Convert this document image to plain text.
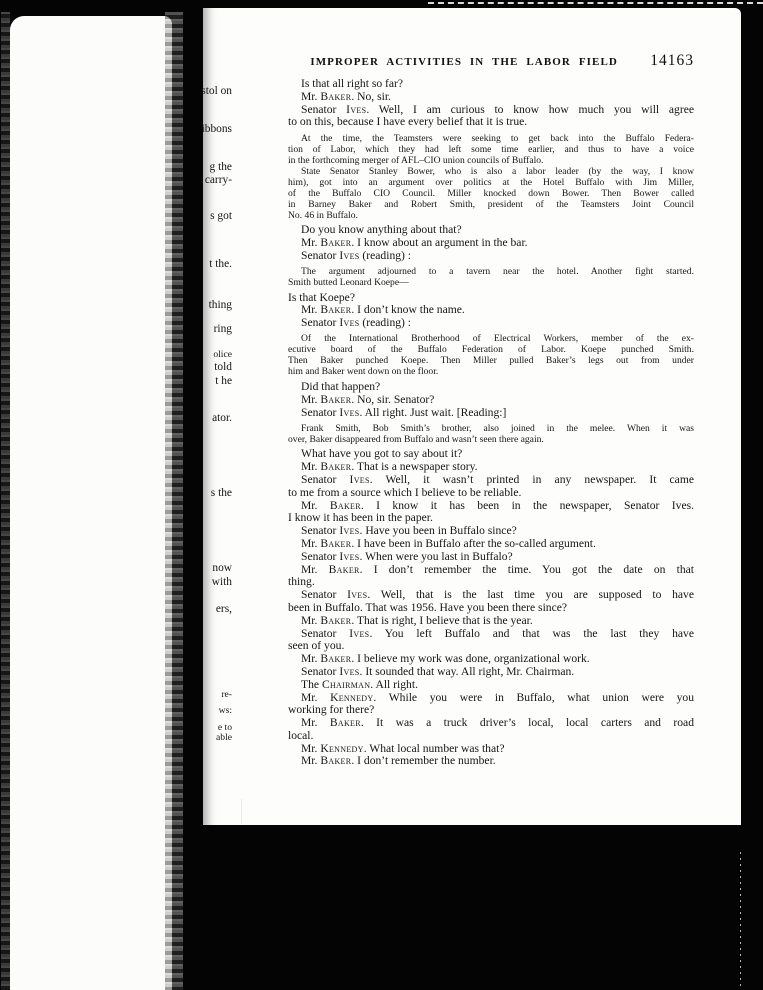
IMPROPER ACTIVITIES IN THE LABOR FIELD	14163
Is that all right so far?
Mr. Baker. No, sir.
Senator Ives. Well, I am curious to know how much you will agree
to on this, because I have every belief that it is true.
At the time, the Teamsters were seeking to get back into the Buffalo Federa-
tion of Labor, which they had left some time earlier, and thus to have a voice
in the forthcoming merger of AFL–CIO union councils of Buffalo.
State Senator Stanley Bower, who is also a labor leader (by the way, I know
him), got into an argument over politics at the Hotel Buffalo with Jim Miller,
of the Buffalo CIO Council. Miller knocked down Bower. Then Bower called
in Barney Baker and Robert Smith, president of the Teamsters Joint Council
No. 46 in Buffalo.
Do you know anything about that?
Mr. Baker. I know about an argument in the bar.
Senator Ives (reading) :
The argument adjourned to a tavern near the hotel. Another fight started.
Smith butted Leonard Koepe—
Is that Koepe?
Mr. Baker. I don’t know the name.
Senator Ives (reading) :
Of the International Brotherhood of Electrical Workers, member of the ex-
ecutive board of the Buffalo Federation of Labor. Koepe punched Smith.
Then Baker punched Koepe. Then Miller pulled Baker’s legs out from under
him and Baker went down on the floor.
Did that happen?
Mr. Baker. No, sir. Senator?
Senator Ives. All right. Just wait. [Reading:]
Frank Smith, Bob Smith’s brother, also joined in the melee. When it was
over, Baker disappeared from Buffalo and wasn’t seen there again.
What have you got to say about it?
Mr. Baker. That is a newspaper story.
Senator Ives. Well, it wasn’t printed in any newspaper. It came
to me from a source which I believe to be reliable.
Mr. Baker. I know it has been in the newspaper, Senator Ives.
I know it has been in the paper.
Senator Ives. Have you been in Buffalo since?
Mr. Baker. I have been in Buffalo after the so-called argument.
Senator Ives. When were you last in Buffalo?
Mr. Baker. I don’t remember the time. You got the date on that
thing.
Senator Ives. Well, that is the last time you are supposed to have
been in Buffalo. That was 1956. Have you been there since?
Mr. Baker. That is right, I believe that is the year.
Senator Ives. You left Buffalo and that was the last they have
seen of you.
Mr. Baker. I believe my work was done, organizational work.
Senator Ives. It sounded that way. All right, Mr. Chairman.
The Chairman. All right.
Mr. Kennedy. While you were in Buffalo, what union were you
working for there?
Mr. Baker. It was a truck driver’s local, local carters and road
local.
Mr. Kennedy. What local number was that?
Mr. Baker. I don’t remember the number.
stol on
ibbons
g the
carry-
s got
t the.
thing
ring
olice
told
t he
ator.
s the
now
with
ers,
re-
ws:
e to
able
